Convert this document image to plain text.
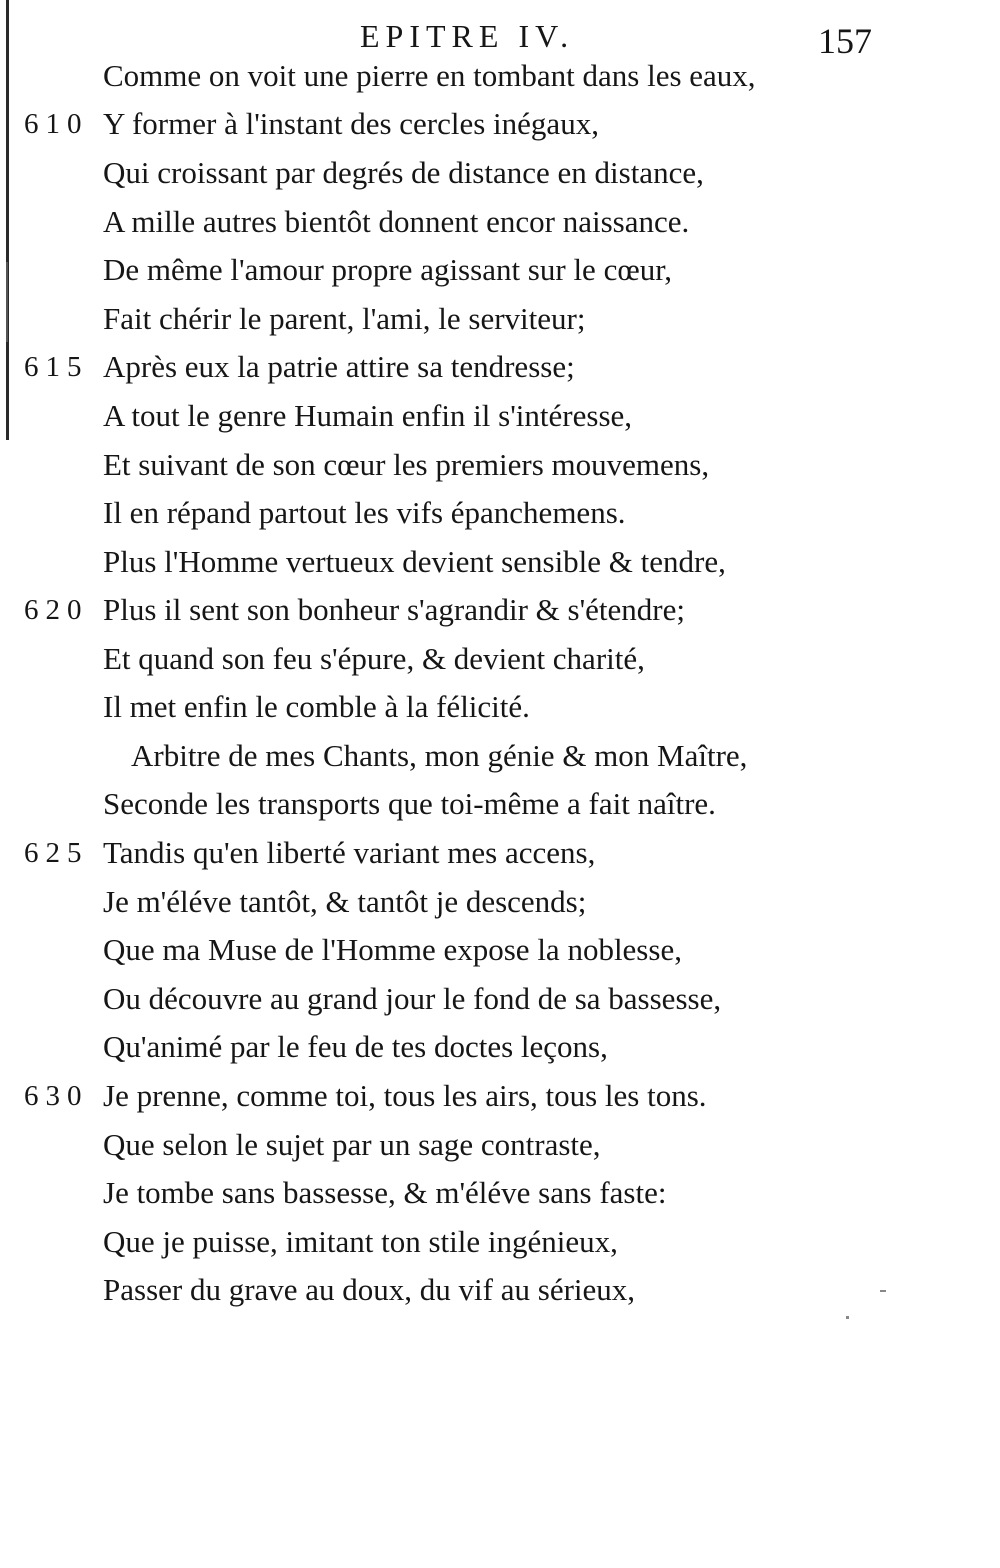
EPITRE IV.	157
Comme on voit une pierre en tombant dans les eaux,
610 Y former à l'instant des cercles inégaux,
Qui croissant par degrés de distance en distance,
A mille autres bientôt donnent encor naissance.
De même l'amour propre agissant sur le cœur,
Fait chérir le parent, l'ami, le serviteur;
615 Après eux la patrie attire sa tendresse;
A tout le genre Humain enfin il s'intéresse,
Et suivant de son cœur les premiers mouvemens,
Il en répand partout les vifs épanchemens.
Plus l'Homme vertueux devient sensible & tendre,
620 Plus il sent son bonheur s'agrandir & s'étendre;
Et quand son feu s'épure, & devient charité,
Il met enfin le comble à la félicité.
Arbitre de mes Chants, mon génie & mon Maître,
Seconde les transports que toi-même a fait naître.
625 Tandis qu'en liberté variant mes accens,
Je m'éléve tantôt, & tantôt je descends;
Que ma Muse de l'Homme expose la noblesse,
Ou découvre au grand jour le fond de sa bassesse,
Qu'animé par le feu de tes doctes leçons,
630 Je prenne, comme toi, tous les airs, tous les tons.
Que selon le sujet par un sage contraste,
Je tombe sans bassesse, & m'éléve sans faste:
Que je puisse, imitant ton stile ingénieux,
Passer du grave au doux, du vif au sérieux,
